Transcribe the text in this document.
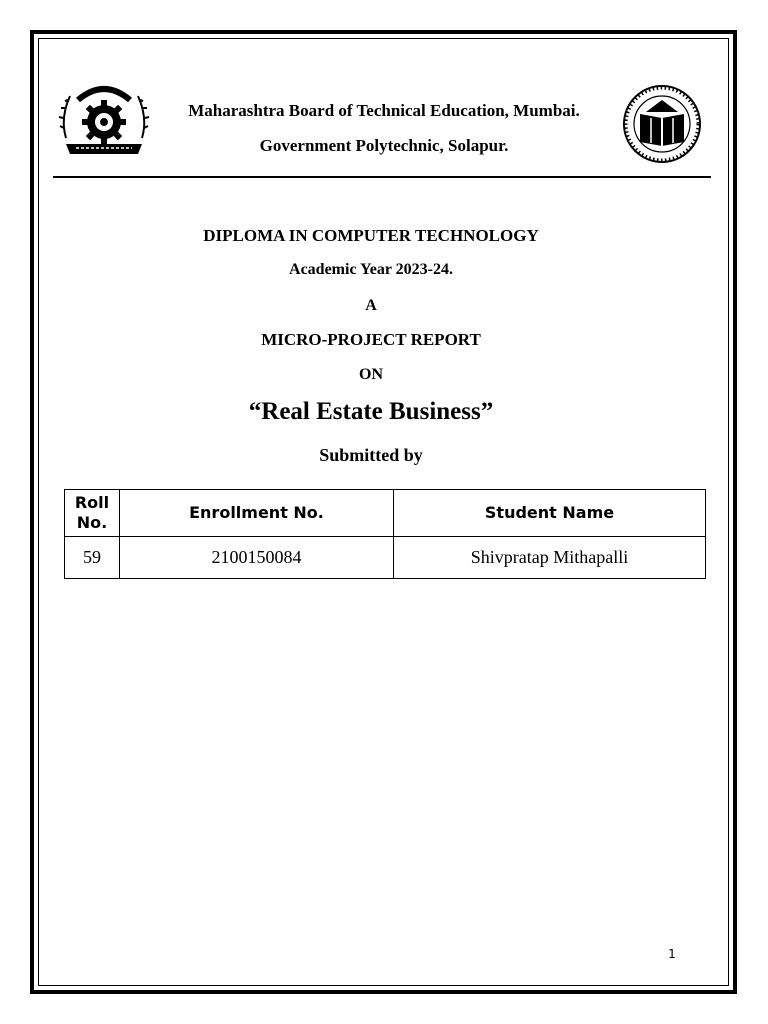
Maharashtra Board of Technical Education, Mumbai.
Government Polytechnic, Solapur.
DIPLOMA IN COMPUTER TECHNOLOGY
Academic Year 2023-24.
A
MICRO-PROJECT REPORT
ON
“Real Estate Business”
Submitted by
Roll No.	Enrollment No.	Student Name
59	2100150084	Shivpratap Mithapalli
1
